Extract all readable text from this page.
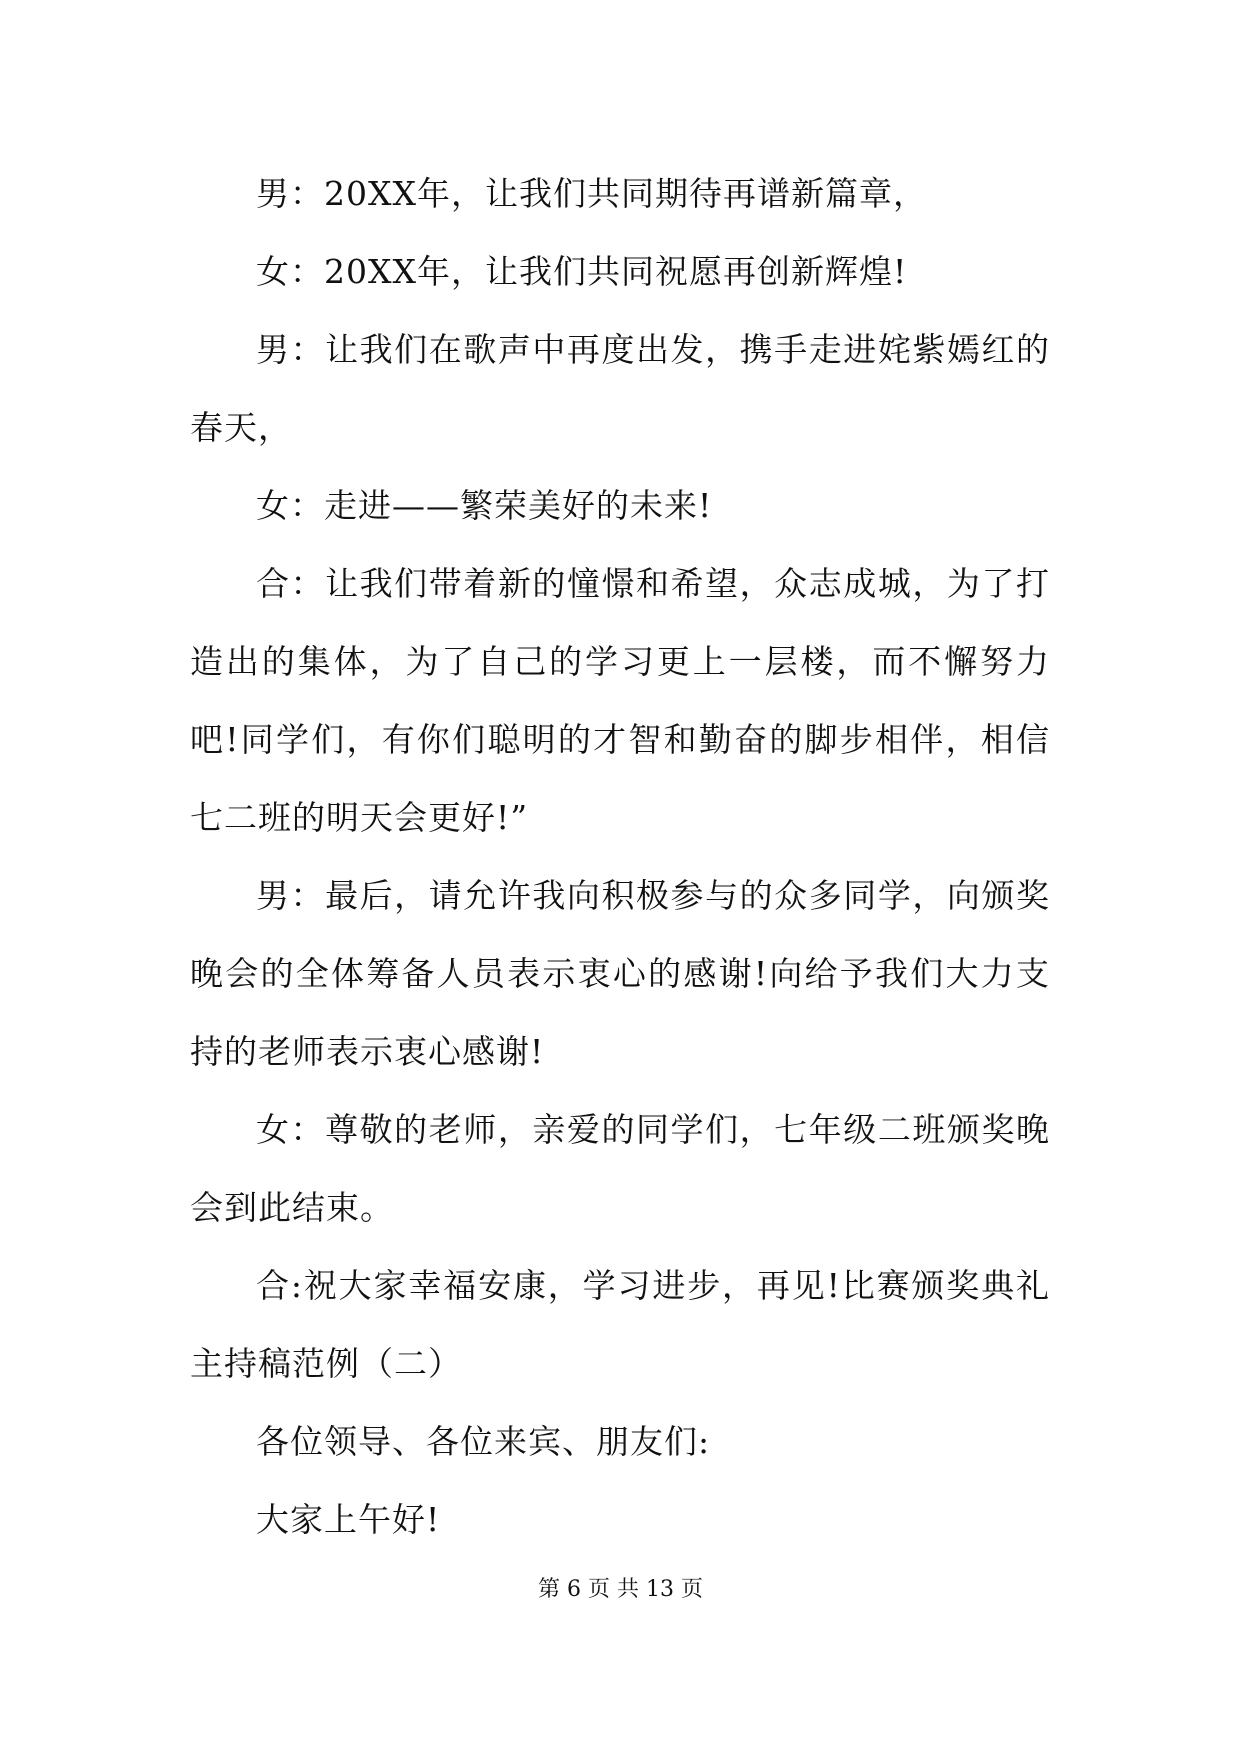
男：20XX年，让我们共同期待再谱新篇章，

女：20XX年，让我们共同祝愿再创新辉煌!

男：让我们在歌声中再度出发，携手走进姹紫嫣红的春天，

女：走进——繁荣美好的未来!

合：让我们带着新的憧憬和希望，众志成城，为了打造出的集体，为了自己的学习更上一层楼，而不懈努力吧!同学们，有你们聪明的才智和勤奋的脚步相伴，相信七二班的明天会更好!”

男：最后，请允许我向积极参与的众多同学，向颁奖晚会的全体筹备人员表示衷心的感谢!向给予我们大力支持的老师表示衷心感谢!

女：尊敬的老师，亲爱的同学们，七年级二班颁奖晚会到此结束。

合:祝大家幸福安康，学习进步，再见!比赛颁奖典礼主持稿范例（二）

各位领导、各位来宾、朋友们:

大家上午好!

第 6 页 共 13 页
